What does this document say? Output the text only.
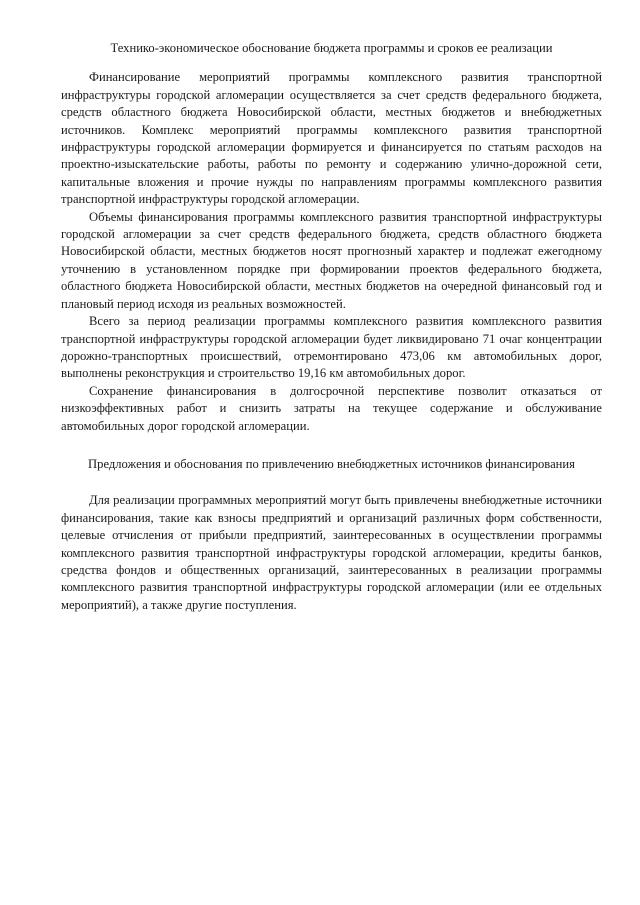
Технико-экономическое обоснование бюджета программы и сроков ее реализации

Финансирование мероприятий программы комплексного развития транспортной инфраструктуры городской агломерации осуществляется за счет средств федерального бюджета, средств областного бюджета Новосибирской области, местных бюджетов и внебюджетных источников. Комплекс мероприятий программы комплексного развития транспортной инфраструктуры городской агломерации формируется и финансируется по статьям расходов на проектно-изыскательские работы, работы по ремонту и содержанию улично-дорожной сети, капитальные вложения и прочие нужды по направлениям программы комплексного развития транспортной инфраструктуры городской агломерации.

Объемы финансирования программы комплексного развития транспортной инфраструктуры городской агломерации за счет средств федерального бюджета, средств областного бюджета Новосибирской области, местных бюджетов носят прогнозный характер и подлежат ежегодному уточнению в установленном порядке при формировании проектов федерального бюджета, областного бюджета Новосибирской области, местных бюджетов на очередной финансовый год и плановый период исходя из реальных возможностей.

Всего за период реализации программы комплексного развития комплексного развития транспортной инфраструктуры городской агломерации будет ликвидировано 71 очаг концентрации дорожно-транспортных происшествий, отремонтировано 473,06 км автомобильных дорог, выполнены реконструкция и строительство 19,16 км автомобильных дорог.

Сохранение финансирования в долгосрочной перспективе позволит отказаться от низкоэффективных работ и снизить затраты на текущее содержание и обслуживание автомобильных дорог городской агломерации.

Предложения и обоснования по привлечению внебюджетных источников финансирования

Для реализации программных мероприятий могут быть привлечены внебюджетные источники финансирования, такие как взносы предприятий и организаций различных форм собственности, целевые отчисления от прибыли предприятий, заинтересованных в осуществлении программы комплексного развития транспортной инфраструктуры городской агломерации, кредиты банков, средства фондов и общественных организаций, заинтересованных в реализации программы комплексного развития транспортной инфраструктуры городской агломерации (или ее отдельных мероприятий), а также другие поступления.
